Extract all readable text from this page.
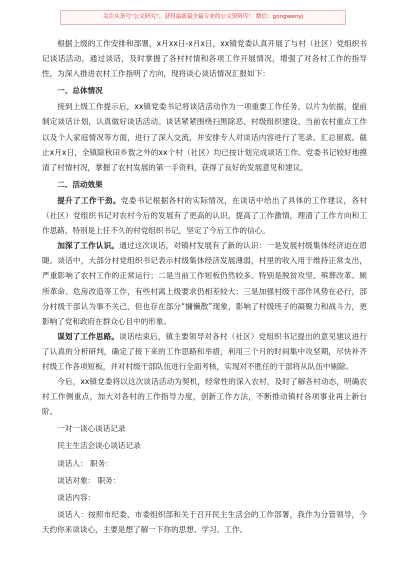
关注头条号“公文研究”，获得最新最全最专业的公文资料库！ 微信：gongwenyj

根据上级的工作安排和部署，x月xx日-x月x日，xx镇党委认真开展了与村（社区）党组织书记谈话活动，通过谈话，及时掌握了各村村情和各项工作开展情况，增强了对各村工作的指导性，为深入推进农村工作指明了方向，现将谈心谈话情况汇报如下：

一、总体情况

接到上级工作提示后，xx镇党委书记将谈话活动作为一项重要工作任务，以片为依据，提前制定谈话计划，认真做好谈话活动。谈话紧紧围绕扫黑除恶、村级组织建设、当前农村重点工作以及个人家庭情况等方面，进行了深入交流，并安排专人对谈话内容进行了笔录、汇总留底。截止x月x日，全镇除秋田乡敖之外的xx个村（社区）均已按计划完成谈话工作。党委书记较好地摸清了村情村况，掌握了农村发展的第一手资料，获得了良好的发展意见和建议。

二、活动效果

提升了工作干劲。党委书记根据各村的实际情况，在谈话中给出了具体的工作建议，各村（社区）党组织书记对农村今后的发展有了更高的认识，提高了工作激情，理清了工作方向和工作思路，特别是上任不久的村党组织书记，坚定了今后工作的信心。

加深了工作认识。通过这次谈话，对镇村发展有了新的认识：一是发展村级集体经济迫在眉睫。谈话中，大部分村党组织书记表示村级集体经济发展薄弱，村里的收入用于维持正常支出，严重影响了农村工作的正常运行；二是当前工作短板仍然较多。特别是脱贫攻坚、殡葬改革、厕所革命、危房改造等工作，有些村离上级要求仍相差较大；三是加强村级干部作风势在必行，部分村级干部认为事不关己，但也存在部分“慵懒散”现象，影响了村级班子的凝聚力和战斗力，更影响了党和政府在群众心目中的形象。

谋划了工作思路。谈话结束后，镇主要领导对各村（社区）党组织书记提出的意见建议进行了认真的分析研判，确定了接下来的工作思路和举措，利用三个月的时间集中攻坚期，尽快补齐村级工作各项短板，并对村级干部队伍进行全面考核，实现对不胜任的干部将从队伍中剔除。

今后，xx镇党委将以这次谈话活动为契机，经常性的深入农村，及时了解各村动态，明确农村工作侧重点，加大对各村的工作指导力度，创新工作方法，不断推动镇村各项事业再上新台阶。

一对一谈心谈话记录

民主生活会谈心谈话记录

谈话人： 职务：

谈话对象： 职务：

谈话内容：

谈话人：按照市纪委、市委组织部和关于召开民主生活会的工作部署，我作为分管领导，今天约你来谈谈心，主要是想了解一下你的思想、学习、工作、
